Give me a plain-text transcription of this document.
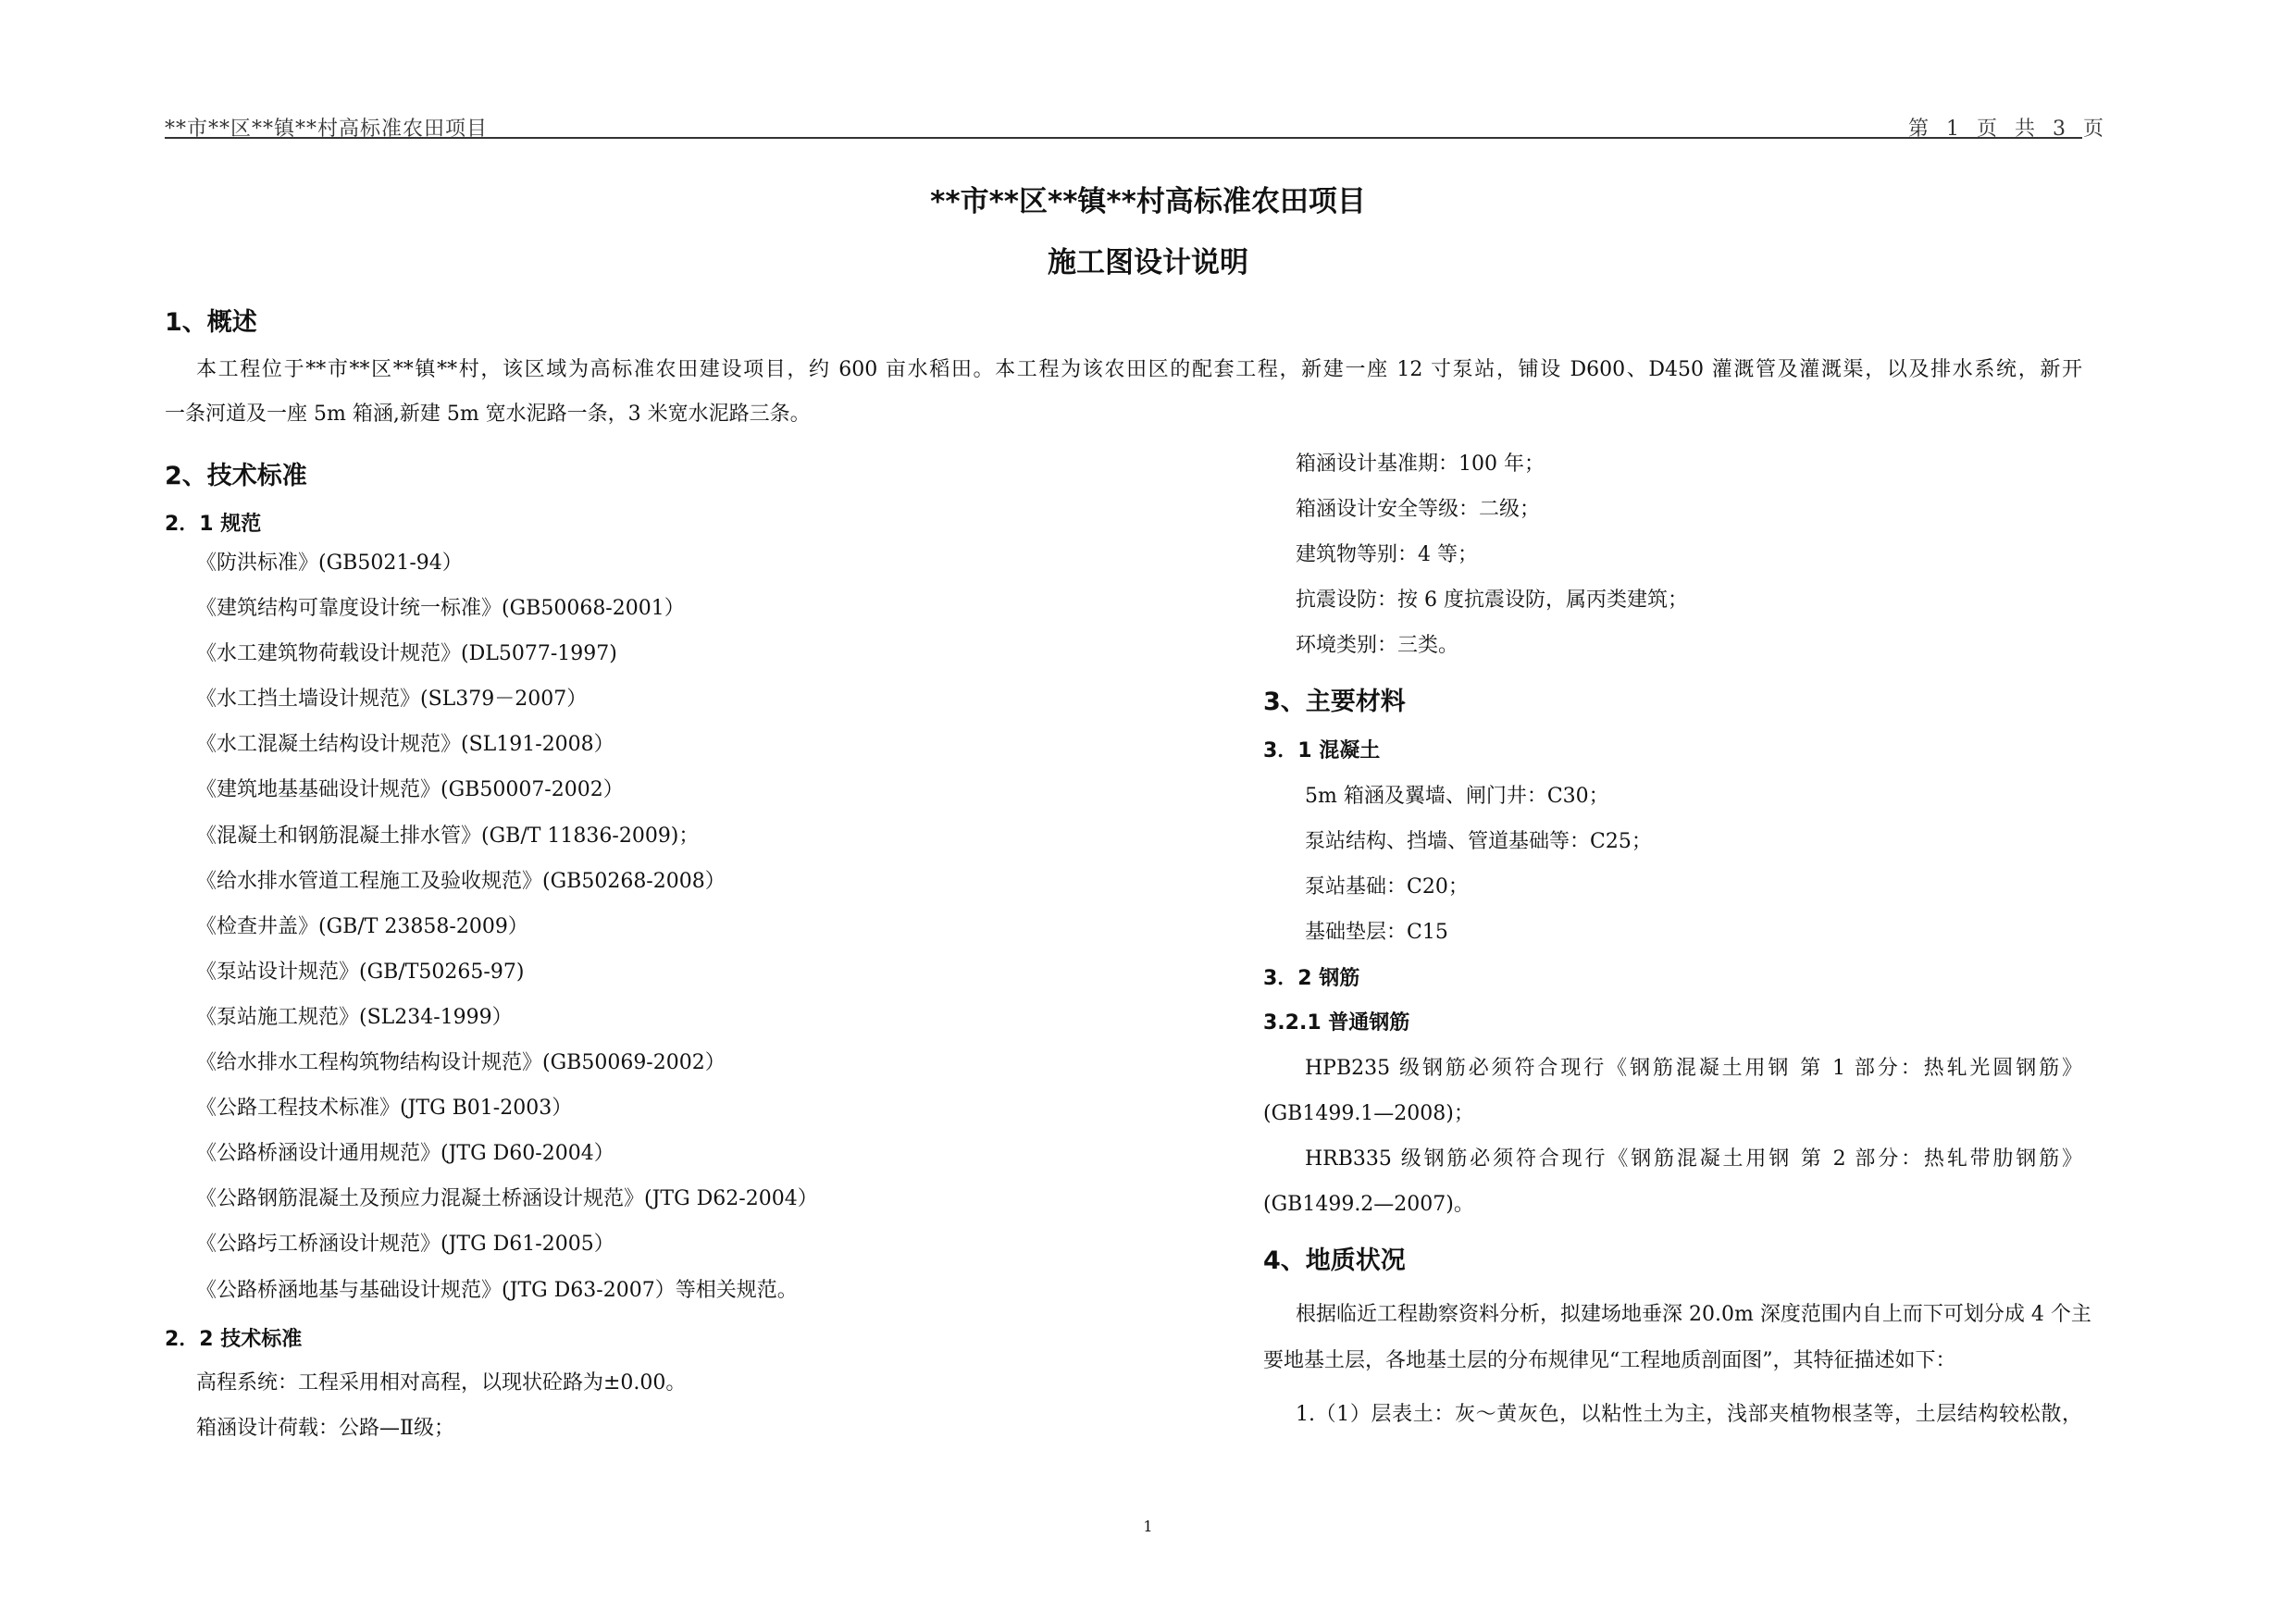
**市**区**镇**村高标准农田项目	第 1 页 共 3 页
**市**区**镇**村高标准农田项目
施工图设计说明
1、概述
本工程位于**市**区**镇**村，该区域为高标准农田建设项目，约 600 亩水稻田。本工程为该农田区的配套工程，新建一座 12 寸泵站，铺设 D600、D450 灌溉管及灌溉渠，以及排水系统，新开
一条河道及一座 5m 箱涵,新建 5m 宽水泥路一条，3 米宽水泥路三条。
2、技术标准
2．1 规范
《防洪标准》(GB5021-94）
《建筑结构可靠度设计统一标准》(GB50068-2001）
《水工建筑物荷载设计规范》(DL5077-1997)
《水工挡土墙设计规范》(SL379－2007）
《水工混凝土结构设计规范》(SL191-2008）
《建筑地基基础设计规范》(GB50007-2002）
《混凝土和钢筋混凝土排水管》(GB/T 11836-2009)；
《给水排水管道工程施工及验收规范》(GB50268-2008）
《检查井盖》(GB/T 23858-2009）
《泵站设计规范》(GB/T50265-97)
《泵站施工规范》(SL234-1999）
《给水排水工程构筑物结构设计规范》(GB50069-2002）
《公路工程技术标准》(JTG B01-2003）
《公路桥涵设计通用规范》(JTG D60-2004）
《公路钢筋混凝土及预应力混凝土桥涵设计规范》(JTG D62-2004）
《公路圬工桥涵设计规范》(JTG D61-2005）
《公路桥涵地基与基础设计规范》(JTG D63-2007）等相关规范。
2．2 技术标准
高程系统：工程采用相对高程，以现状砼路为±0.00。
箱涵设计荷载：公路—Ⅱ级；
箱涵设计基准期：100 年；
箱涵设计安全等级：二级；
建筑物等别：4 等；
抗震设防：按 6 度抗震设防，属丙类建筑；
环境类别：三类。
3、主要材料
3．1 混凝土
5m 箱涵及翼墙、闸门井：C30；
泵站结构、挡墙、管道基础等：C25；
泵站基础：C20；
基础垫层：C15
3．2 钢筋
3.2.1 普通钢筋
HPB235 级钢筋必须符合现行《钢筋混凝土用钢 第 1 部分：热轧光圆钢筋》
(GB1499.1—2008)；
HRB335 级钢筋必须符合现行《钢筋混凝土用钢 第 2 部分：热轧带肋钢筋》
(GB1499.2—2007)。
4、地质状况
根据临近工程勘察资料分析，拟建场地垂深 20.0m 深度范围内自上而下可划分成 4 个主
要地基土层，各地基土层的分布规律见“工程地质剖面图”，其特征描述如下：
1.（1）层表土：灰～黄灰色，以粘性土为主，浅部夹植物根茎等，土层结构较松散，
1
